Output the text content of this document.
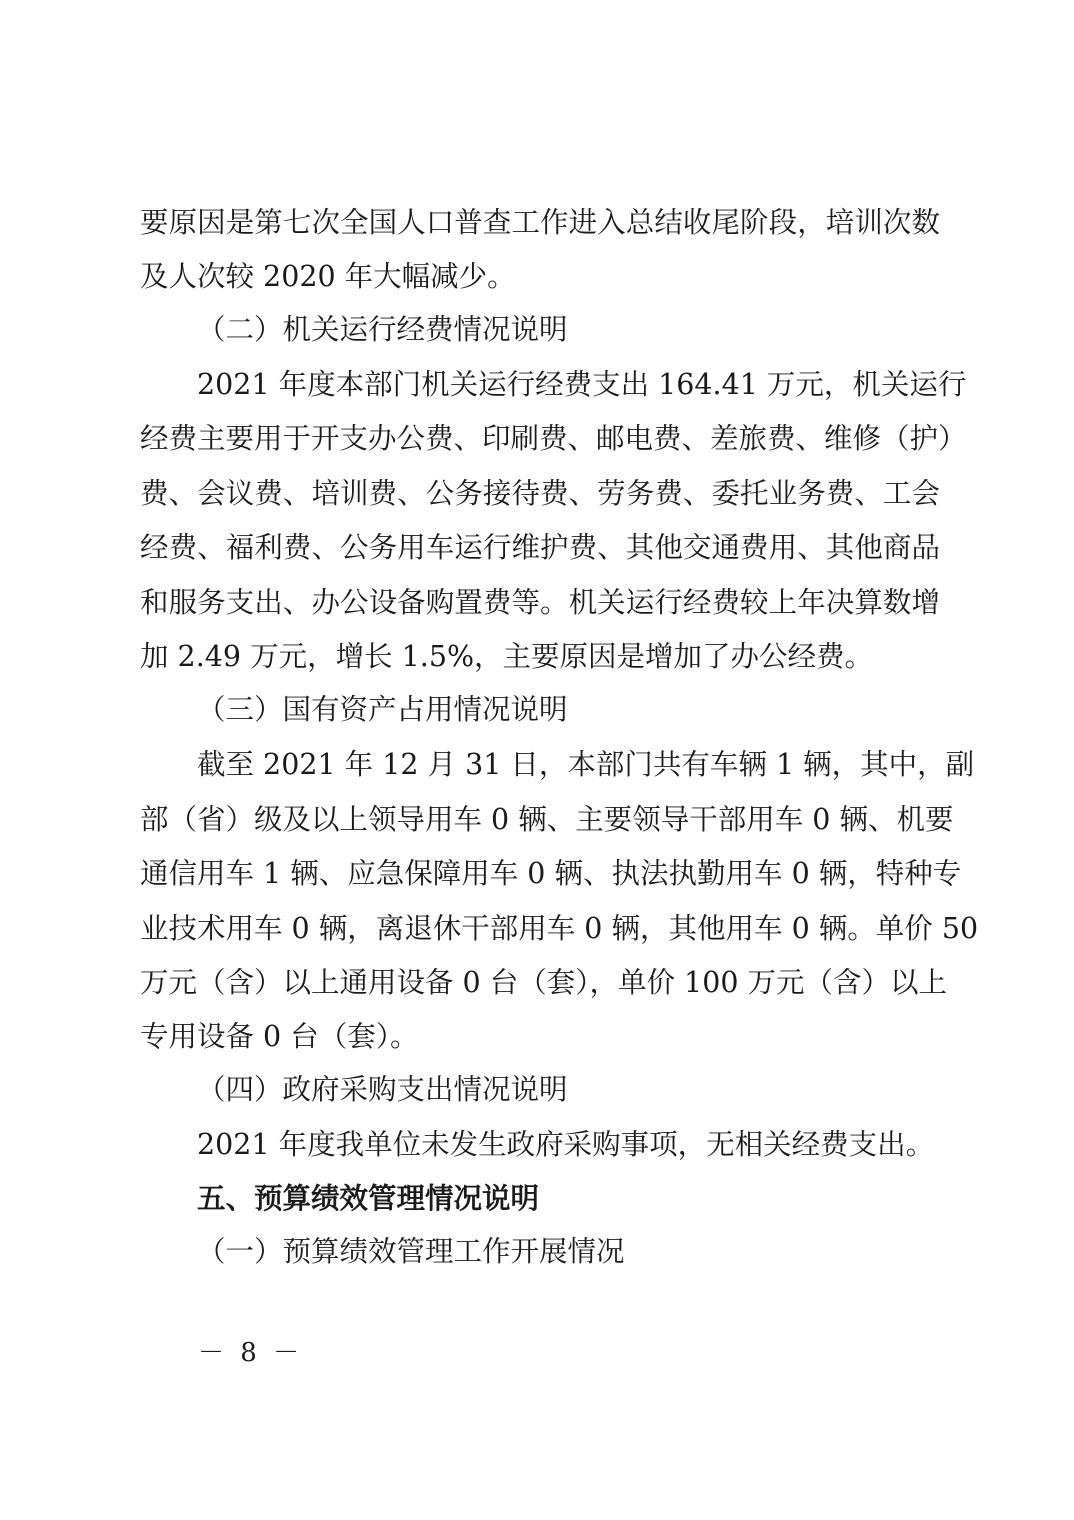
要原因是第七次全国人口普查工作进入总结收尾阶段，培训次数

及人次较 2020 年大幅减少。

（二）机关运行经费情况说明

2021 年度本部门机关运行经费支出 164.41 万元，机关运行

经费主要用于开支办公费、印刷费、邮电费、差旅费、维修（护）

费、会议费、培训费、公务接待费、劳务费、委托业务费、工会

经费、福利费、公务用车运行维护费、其他交通费用、其他商品

和服务支出、办公设备购置费等。机关运行经费较上年决算数增

加 2.49 万元，增长 1.5%，主要原因是增加了办公经费。

（三）国有资产占用情况说明

截至 2021 年 12 月 31 日，本部门共有车辆 1 辆，其中，副

部（省）级及以上领导用车 0 辆、主要领导干部用车 0 辆、机要

通信用车 1 辆、应急保障用车 0 辆、执法执勤用车 0 辆，特种专

业技术用车 0 辆，离退休干部用车 0 辆，其他用车 0 辆。单价 50

万元（含）以上通用设备 0 台（套），单价 100 万元（含）以上

专用设备 0 台（套）。

（四）政府采购支出情况说明

2021 年度我单位未发生政府采购事项，无相关经费支出。

五、预算绩效管理情况说明

（一）预算绩效管理工作开展情况

－ 8 －
